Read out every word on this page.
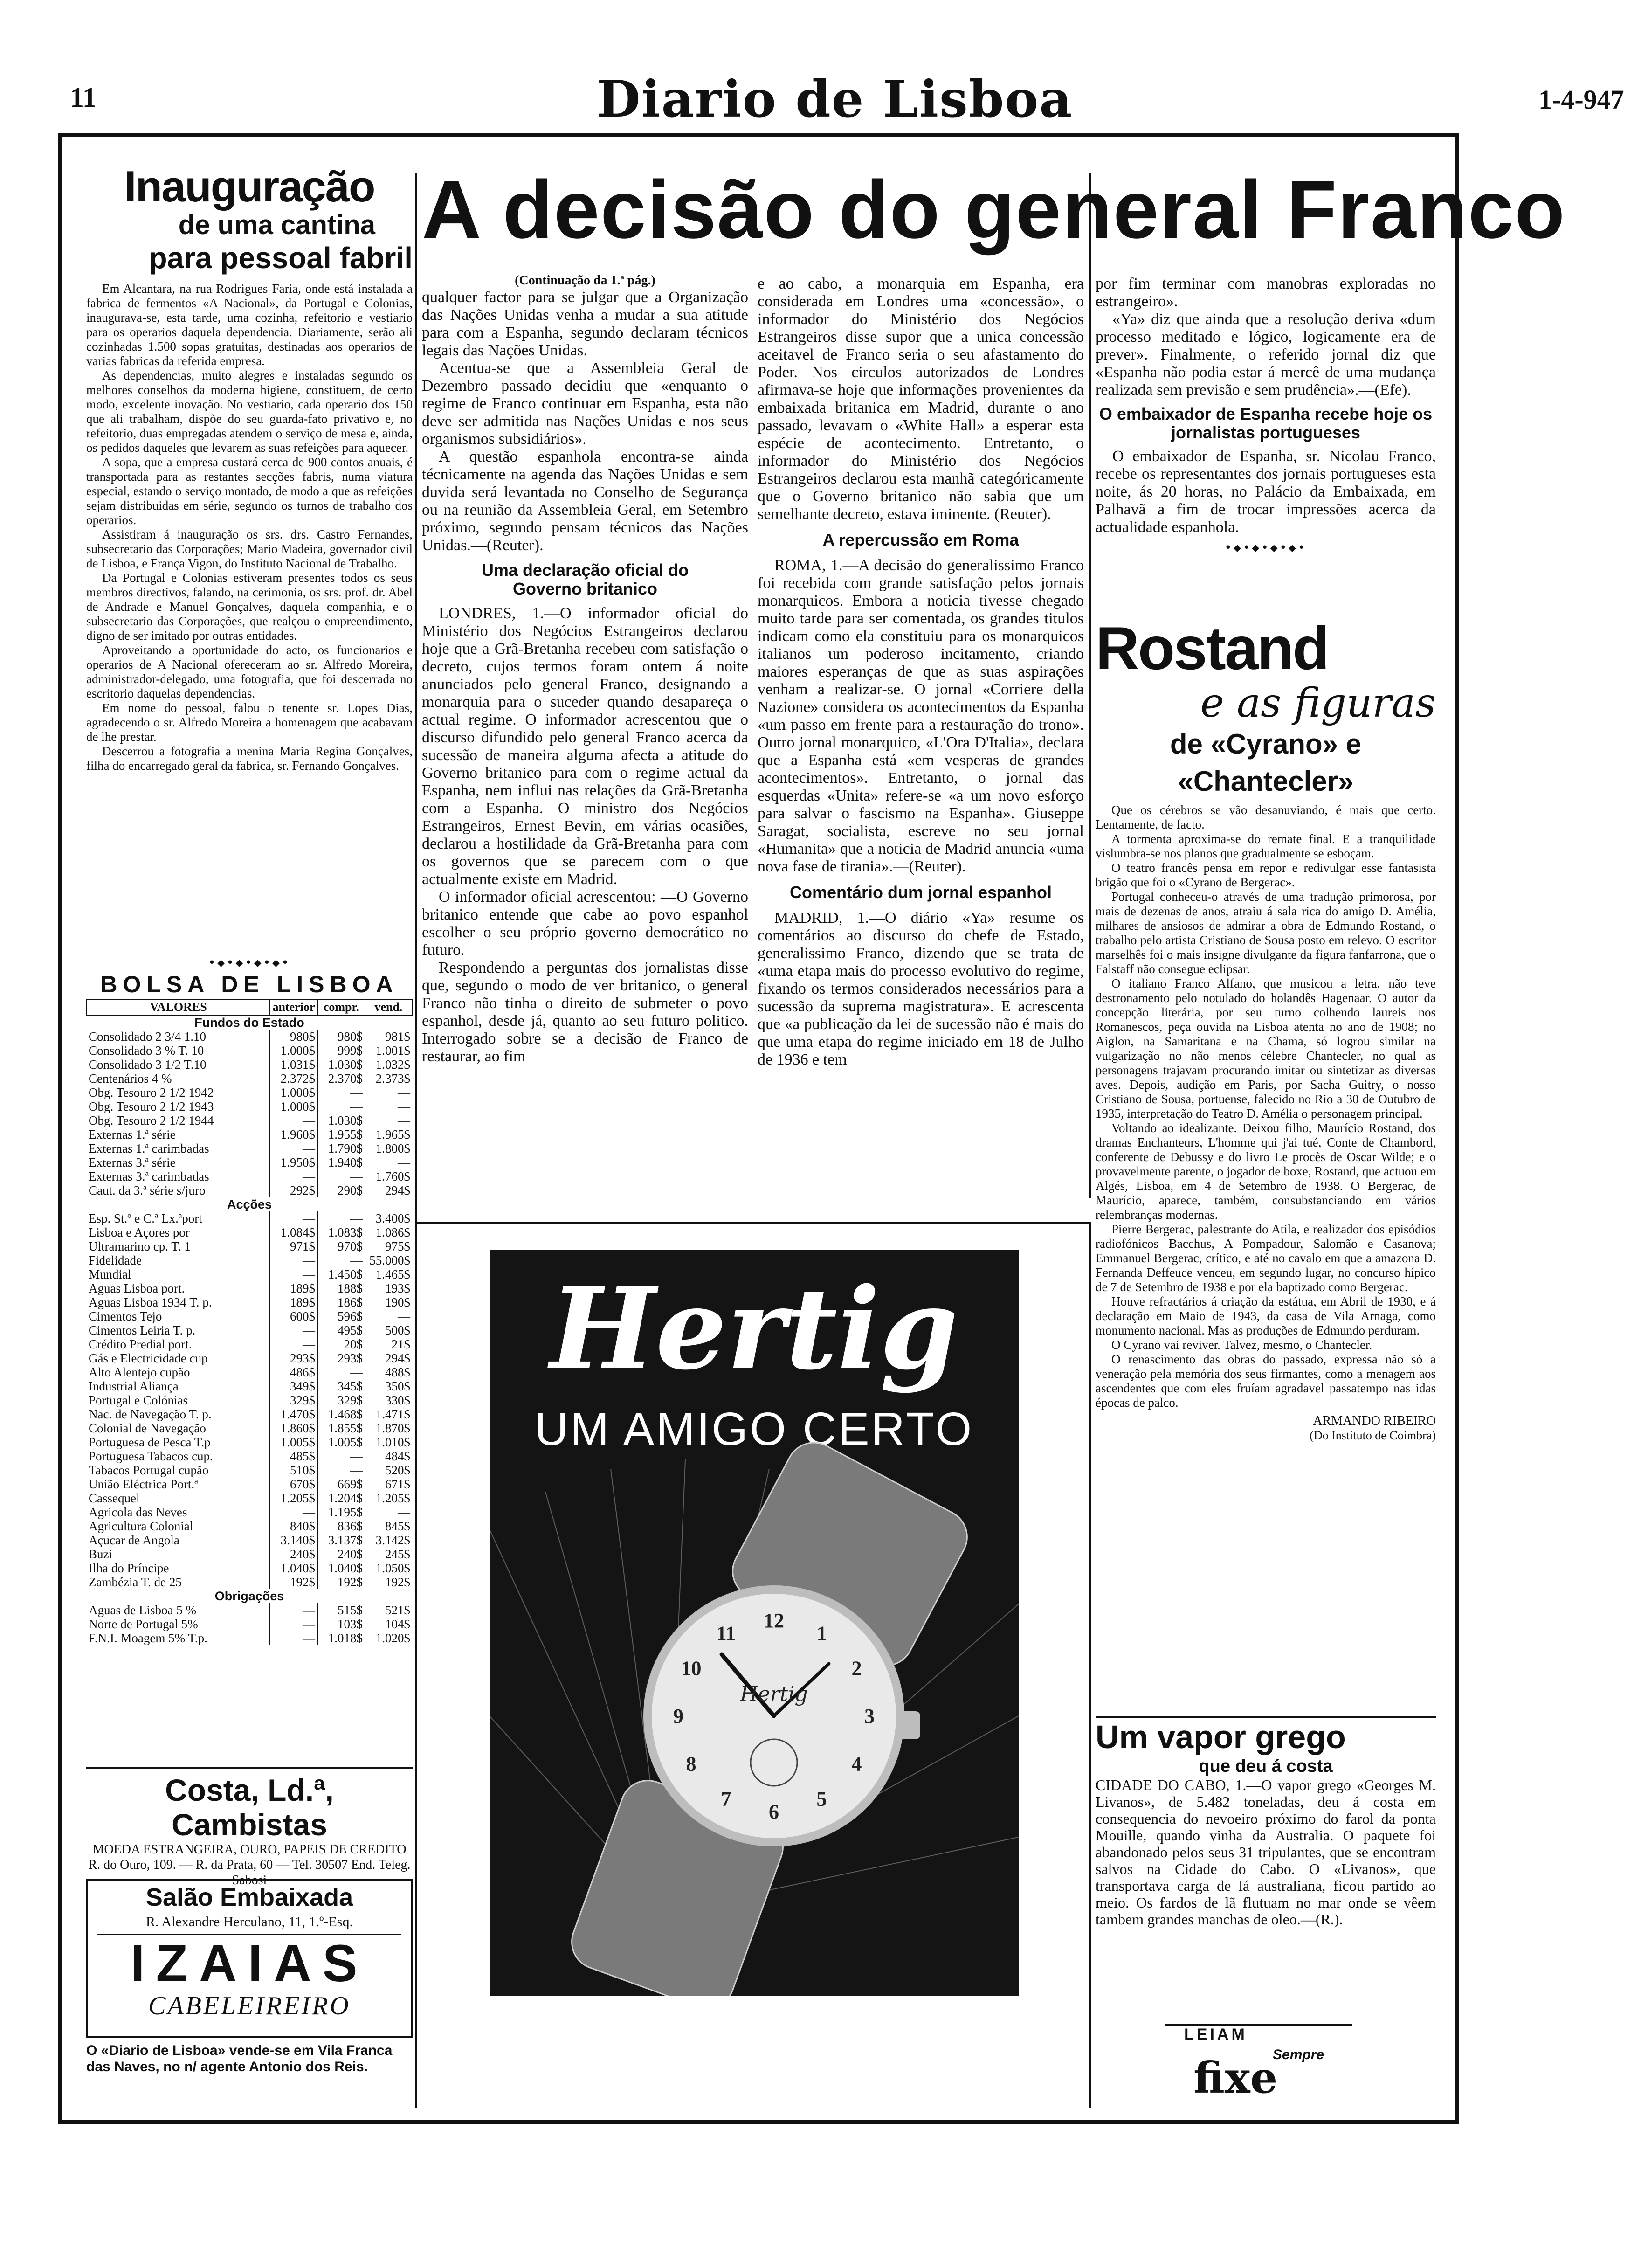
11	Diario de Lisboa	1-4-947
Inauguração
de uma cantina
para pessoal fabril

Em Alcantara, na rua Rodrigues Faria, onde está instalada a fabrica de fermentos «A Nacional», da Portugal e Colonias, inaugurava-se, esta tarde, uma cozinha, refeitorio e vestiario para os operarios daquela dependencia. Diariamente, serão ali cozinhadas 1.500 sopas gratuitas, destinadas aos operarios de varias fabricas da referida empresa.

As dependencias, muito alegres e instaladas segundo os melhores conselhos da moderna higiene, constituem, de certo modo, excelente inovação. No vestiario, cada operario dos 150 que ali trabalham, dispõe do seu guarda-fato privativo e, no refeitorio, duas empregadas atendem o serviço de mesa e, ainda, os pedidos daqueles que levarem as suas refeições para aquecer.

A sopa, que a empresa custará cerca de 900 contos anuais, é transportada para as restantes secções fabris, numa viatura especial, estando o serviço montado, de modo a que as refeições sejam distribuidas em série, segundo os turnos de trabalho dos operarios.

Assistiram á inauguração os srs. drs. Castro Fernandes, subsecretario das Corporações; Mario Madeira, governador civil de Lisboa, e França Vigon, do Instituto Nacional de Trabalho.

Da Portugal e Colonias estiveram presentes todos os seus membros directivos, falando, na cerimonia, os srs. prof. dr. Abel de Andrade e Manuel Gonçalves, daquela companhia, e o subsecretario das Corporações, que realçou o empreendimento, digno de ser imitado por outras entidades.

Aproveitando a oportunidade do acto, os funcionarios e operarios de A Nacional ofereceram ao sr. Alfredo Moreira, administrador-delegado, uma fotografia, que foi descerrada no escritorio daquelas dependencias.

Em nome do pessoal, falou o tenente sr. Lopes Dias, agradecendo o sr. Alfredo Moreira a homenagem que acabavam de lhe prestar.

Descerrou a fotografia a menina Maria Regina Gonçalves, filha do encarregado geral da fabrica, sr. Fernando Gonçalves.

•◆•◆•◆•◆•
BOLSA DE LISBOA
VALORES	anterior	compr.	vend.
Fundos do Estado			
Consolidado 2 3/4 1.10	980$	980$	981$
Consolidado 3 % T. 10	1.000$	999$	1.001$
Consolidado 3 1/2 T.10	1.031$	1.030$	1.032$
Centenários 4 %	2.372$	2.370$	2.373$
Obg. Tesouro 2 1/2 1942	1.000$	—	—
Obg. Tesouro 2 1/2 1943	1.000$	—	—
Obg. Tesouro 2 1/2 1944	—	1.030$	—
Externas 1.ª série	1.960$	1.955$	1.965$
Externas 1.ª carimbadas	—	1.790$	1.800$
Externas 3.ª série	1.950$	1.940$	—
Externas 3.ª carimbadas	—	—	1.760$
Caut. da 3.ª série s/juro	292$	290$	294$
Acções			
Esp. St.º e C.ª Lx.ªport	—	—	3.400$
Lisboa e Açores por	1.084$	1.083$	1.086$
Ultramarino cp. T. 1	971$	970$	975$
Fidelidade	—	—	55.000$
Mundial	—	1.450$	1.465$
Aguas Lisboa port.	189$	188$	193$
Aguas Lisboa 1934 T. p.	189$	186$	190$
Cimentos Tejo	600$	596$	—
Cimentos Leiria T. p.	—	495$	500$
Crédito Predial port.	—	20$	21$
Gás e Electricidade cup	293$	293$	294$
Alto Alentejo cupão	486$	—	488$
Industrial Aliança	349$	345$	350$
Portugal e Colónias	329$	329$	330$
Nac. de Navegação T. p.	1.470$	1.468$	1.471$
Colonial de Navegação	1.860$	1.855$	1.870$
Portuguesa de Pesca T.p	1.005$	1.005$	1.010$
Portuguesa Tabacos cup.	485$	—	484$
Tabacos Portugal cupão	510$	—	520$
União Eléctrica Port.ª	670$	669$	671$
Cassequel	1.205$	1.204$	1.205$
Agricola das Neves	—	1.195$	—
Agricultura Colonial	840$	836$	845$
Açucar de Angola	3.140$	3.137$	3.142$
Buzi	240$	240$	245$
Ilha do Príncipe	1.040$	1.040$	1.050$
Zambézia T. de 25	192$	192$	192$
Obrigações			
Aguas de Lisboa 5 %	—	515$	521$
Norte de Portugal 5%	—	103$	104$
F.N.I. Moagem 5% T.p.	—	1.018$	1.020$
Costa, Ld.ª, Cambistas
MOEDA ESTRANGEIRA, OURO, PAPEIS DE CREDITO R. do Ouro, 109. — R. da Prata, 60 — Tel. 30507 End. Teleg. Sabosi
Salão Embaixada
R. Alexandre Herculano, 11, 1.º-Esq.
IZAIAS
CABELEIREIRO
O «Diario de Lisboa» vende-se em Vila Franca das Naves, no n/ agente Antonio dos Reis.
A decisão do general Franco
(Continuação da 1.ª pág.)

qualquer factor para se julgar que a Organização das Nações Unidas venha a mudar a sua atitude para com a Espanha, segundo declaram técnicos legais das Nações Unidas.

Acentua-se que a Assembleia Geral de Dezembro passado decidiu que «enquanto o regime de Franco continuar em Espanha, esta não deve ser admitida nas Nações Unidas e nos seus organismos subsidiários».

A questão espanhola encontra-se ainda técnicamente na agenda das Nações Unidas e sem duvida será levantada no Conselho de Segurança ou na reunião da Assembleia Geral, em Setembro próximo, segundo pensam técnicos das Nações Unidas.—(Reuter).

Uma declaração oficial do Governo britanico

LONDRES, 1.—O informador oficial do Ministério dos Negócios Estrangeiros declarou hoje que a Grã-Bretanha recebeu com satisfação o decreto, cujos termos foram ontem á noite anunciados pelo general Franco, designando a monarquia para o suceder quando desapareça o actual regime. O informador acrescentou que o discurso difundido pelo general Franco acerca da sucessão de maneira alguma afecta a atitude do Governo britanico para com o regime actual da Espanha, nem influi nas relações da Grã-Bretanha com a Espanha. O ministro dos Negócios Estrangeiros, Ernest Bevin, em várias ocasiões, declarou a hostilidade da Grã-Bretanha para com os governos que se parecem com o que actualmente existe em Madrid.

O informador oficial acrescentou: —O Governo britanico entende que cabe ao povo espanhol escolher o seu próprio governo democrático no futuro.

Respondendo a perguntas dos jornalistas disse que, segundo o modo de ver britanico, o general Franco não tinha o direito de submeter o povo espanhol, desde já, quanto ao seu futuro politico. Interrogado sobre se a decisão de Franco de restaurar, ao fim

e ao cabo, a monarquia em Espanha, era considerada em Londres uma «concessão», o informador do Ministério dos Negócios Estrangeiros disse supor que a unica concessão aceitavel de Franco seria o seu afastamento do Poder. Nos circulos autorizados de Londres afirmava-se hoje que informações provenientes da embaixada britanica em Madrid, durante o ano passado, levavam o «White Hall» a esperar esta espécie de acontecimento. Entretanto, o informador do Ministério dos Negócios Estrangeiros declarou esta manhã categóricamente que o Governo britanico não sabia que um semelhante decreto, estava iminente. (Reuter).

A repercussão em Roma

ROMA, 1.—A decisão do generalissimo Franco foi recebida com grande satisfação pelos jornais monarquicos. Embora a noticia tivesse chegado muito tarde para ser comentada, os grandes titulos indicam como ela constituiu para os monarquicos italianos um poderoso incitamento, criando maiores esperanças de que as suas aspirações venham a realizar-se. O jornal «Corriere della Nazione» considera os acontecimentos da Espanha «um passo em frente para a restauração do trono». Outro jornal monarquico, «L'Ora D'Italia», declara que a Espanha está «em vesperas de grandes acontecimentos». Entretanto, o jornal das esquerdas «Unita» refere-se «a um novo esforço para salvar o fascismo na Espanha». Giuseppe Saragat, socialista, escreve no seu jornal «Humanita» que a noticia de Madrid anuncia «uma nova fase de tirania».—(Reuter).

Comentário dum jornal espanhol

MADRID, 1.—O diário «Ya» resume os comentários ao discurso do chefe de Estado, generalissimo Franco, dizendo que se trata de «uma etapa mais do processo evolutivo do regime, fixando os termos considerados necessários para a sucessão da suprema magistratura». E acrescenta que «a publicação da lei de sucessão não é mais do que uma etapa do regime iniciado em 18 de Julho de 1936 e tem

por fim terminar com manobras exploradas no estrangeiro».

«Ya» diz que ainda que a resolução deriva «dum processo meditado e lógico, logicamente era de prever». Finalmente, o referido jornal diz que «Espanha não podia estar á mercê de uma mudança realizada sem previsão e sem prudência».—(Efe).

O embaixador de Espanha recebe hoje os jornalistas portugueses

O embaixador de Espanha, sr. Nicolau Franco, recebe os representantes dos jornais portugueses esta noite, ás 20 horas, no Palácio da Embaixada, em Palhavã a fim de trocar impressões acerca da actualidade espanhola.

•◆•◆•◆•◆•
Rostand
e as figuras
de «Cyrano» e «Chantecler»

Que os cérebros se vão desanuviando, é mais que certo. Lentamente, de facto.

A tormenta aproxima-se do remate final. E a tranquilidade vislumbra-se nos planos que gradualmente se esboçam.

O teatro francês pensa em repor e redivulgar esse fantasista brigão que foi o «Cyrano de Bergerac».

Portugal conheceu-o através de uma tradução primorosa, por mais de dezenas de anos, atraiu á sala rica do amigo D. Amélia, milhares de ansiosos de admirar a obra de Edmundo Rostand, o trabalho pelo artista Cristiano de Sousa posto em relevo. O escritor marselhês foi o mais insigne divulgante da figura fanfarrona, que o Falstaff não consegue eclipsar.

O italiano Franco Alfano, que musicou a letra, não teve destronamento pelo notulado do holandês Hagenaar. O autor da concepção literária, por seu turno colhendo laureis nos Romanescos, peça ouvida na Lisboa atenta no ano de 1908; no Aiglon, na Samaritana e na Chama, só logrou similar na vulgarização no não menos célebre Chantecler, no qual as personagens trajavam procurando imitar ou sintetizar as diversas aves. Depois, audição em Paris, por Sacha Guitry, o nosso Cristiano de Sousa, portuense, falecido no Rio a 30 de Outubro de 1935, interpretação do Teatro D. Amélia o personagem principal.

Voltando ao idealizante. Deixou filho, Maurício Rostand, dos dramas Enchanteurs, L'homme qui j'ai tué, Conte de Chambord, conferente de Debussy e do livro Le procès de Oscar Wilde; e o provavelmente parente, o jogador de boxe, Rostand, que actuou em Algés, Lisboa, em 4 de Setembro de 1938. O Bergerac, de Maurício, aparece, também, consubstanciando em vários relembranças modernas.

Pierre Bergerac, palestrante do Atila, e realizador dos episódios radiofónicos Bacchus, A Pompadour, Salomão e Casanova; Emmanuel Bergerac, crítico, e até no cavalo em que a amazona D. Fernanda Deffeuce venceu, em segundo lugar, no concurso hípico de 7 de Setembro de 1938 e por ela baptizado como Bergerac.

Houve refractários á criação da estátua, em Abril de 1930, e á declaração em Maio de 1943, da casa de Vila Arnaga, como monumento nacional. Mas as produções de Edmundo perduram.

O Cyrano vai reviver. Talvez, mesmo, o Chantecler.

O renascimento das obras do passado, expressa não só a veneração pela memória dos seus firmantes, como a menagem aos ascendentes que com eles fruíam agradavel passatempo nas idas épocas de palco.

ARMANDO RIBEIRO
(Do Instituto de Coimbra)
Um vapor grego
que deu á costa
CIDADE DO CABO, 1.—O vapor grego «Georges M. Livanos», de 5.482 toneladas, deu á costa em consequencia do nevoeiro próximo do farol da ponta Mouille, quando vinha da Australia. O paquete foi abandonado pelos seus 31 tripulantes, que se encontram salvos na Cidade do Cabo. O «Livanos», que transportava carga de lá australiana, ficou partido ao meio. Os fardos de lã flutuam no mar onde se vêem tambem grandes manchas de oleo.—(R.).
LEIAM
Sempre
fixe
Hertig
UM AMIGO CERTO
12
1
2
3
4
5
6
7
8
9
10
11
Hertig
